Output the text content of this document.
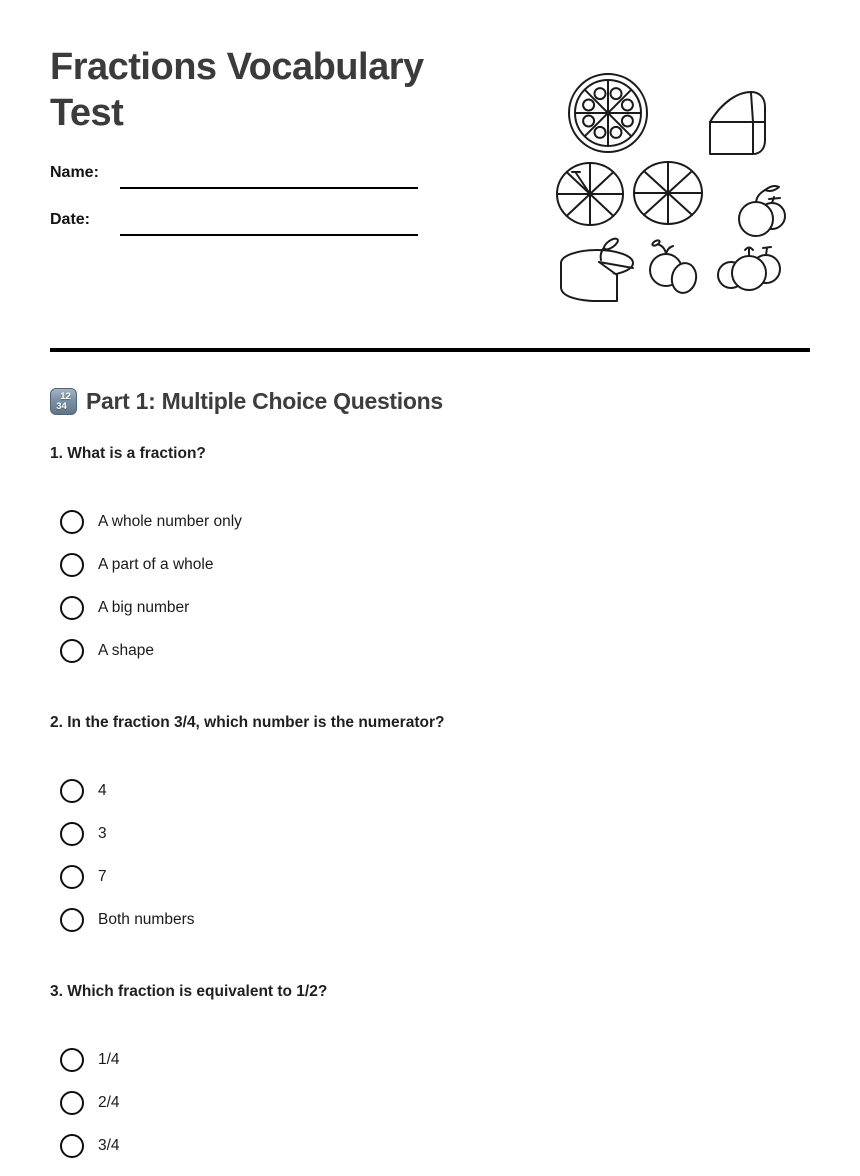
Fractions Vocabulary Test
Name:
Date:
12
34 Part 1: Multiple Choice Questions

1. What is a fraction?

A whole number only
A part of a whole
A big number
A shape

2. In the fraction 3/4, which number is the numerator?

4
3
7
Both numbers

3. Which fraction is equivalent to 1/2?

1/4
2/4
3/4
